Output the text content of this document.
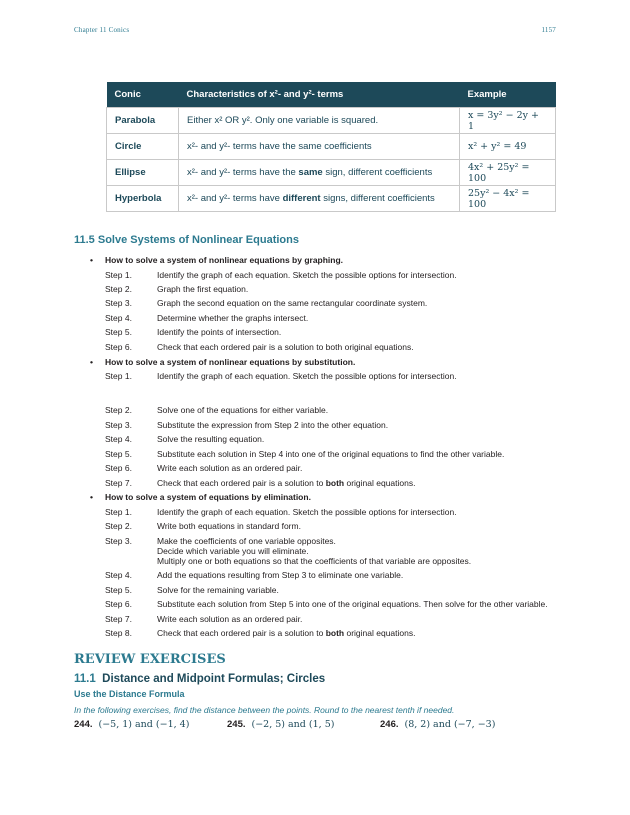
Chapter 11 Conics	1157
Conic	Characteristics of x²- and y²- terms	Example
Parabola	Either x² OR y². Only one variable is squared.	x = 3y² − 2y + 1
Circle	x²- and y²- terms have the same coefficients	x² + y² = 49
Ellipse	x²- and y²- terms have the same sign, different coefficients	4x² + 25y² = 100
Hyperbola	x²- and y²- terms have different signs, different coefficients	25y² − 4x² = 100
11.5 Solve Systems of Nonlinear Equations
• How to solve a system of nonlinear equations by graphing.
Step 1.	Identify the graph of each equation. Sketch the possible options for intersection.
Step 2.	Graph the first equation.
Step 3.	Graph the second equation on the same rectangular coordinate system.
Step 4.	Determine whether the graphs intersect.
Step 5.	Identify the points of intersection.
Step 6.	Check that each ordered pair is a solution to both original equations.
• How to solve a system of nonlinear equations by substitution.
Step 1.	Identify the graph of each equation. Sketch the possible options for intersection.
Step 2.	Solve one of the equations for either variable.
Step 3.	Substitute the expression from Step 2 into the other equation.
Step 4.	Solve the resulting equation.
Step 5.	Substitute each solution in Step 4 into one of the original equations to find the other variable.
Step 6.	Write each solution as an ordered pair.
Step 7.	Check that each ordered pair is a solution to both original equations.
• How to solve a system of equations by elimination.
Step 1.	Identify the graph of each equation. Sketch the possible options for intersection.
Step 2.	Write both equations in standard form.
Step 3.	Make the coefficients of one variable opposites.
Decide which variable you will eliminate.
Multiply one or both equations so that the coefficients of that variable are opposites.
Step 4.	Add the equations resulting from Step 3 to eliminate one variable.
Step 5.	Solve for the remaining variable.
Step 6.	Substitute each solution from Step 5 into one of the original equations. Then solve for the other variable.
Step 7.	Write each solution as an ordered pair.
Step 8.	Check that each ordered pair is a solution to both original equations.
REVIEW EXERCISES
11.1 Distance and Midpoint Formulas; Circles
Use the Distance Formula
In the following exercises, find the distance between the points. Round to the nearest tenth if needed.
244. (−5, 1) and (−1, 4)	245. (−2, 5) and (1, 5)	246. (8, 2) and (−7, −3)
